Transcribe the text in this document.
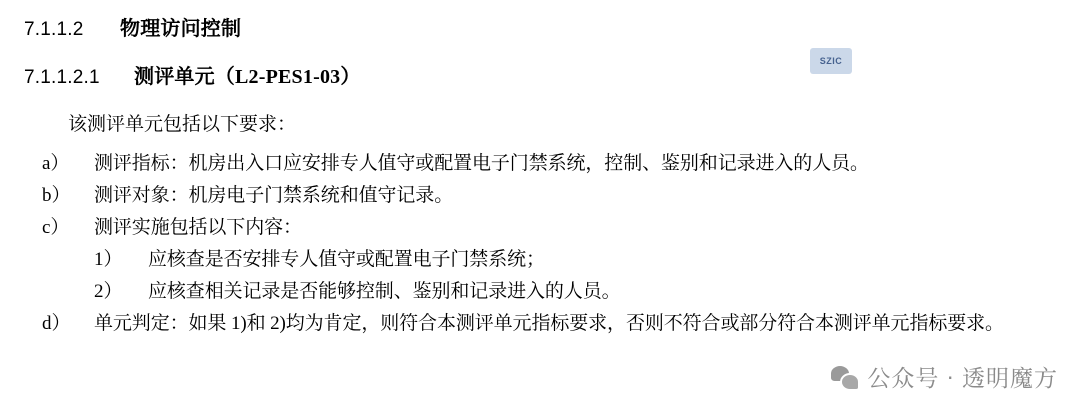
7.1.1.2	物理访问控制
7.1.1.2.1	测评单元（L2-PES1-03）
该测评单元包括以下要求：
a）	测评指标：机房出入口应安排专人值守或配置电子门禁系统，控制、鉴别和记录进入的人员。
b）	测评对象：机房电子门禁系统和值守记录。
c）	测评实施包括以下内容：
1）	应核查是否安排专人值守或配置电子门禁系统；
2）	应核查相关记录是否能够控制、鉴别和记录进入的人员。
d）	单元判定：如果 1)和 2)均为肯定，则符合本测评单元指标要求，否则不符合或部分符合本测评单元指标要求。
SZIC
公众号 · 透明魔方
